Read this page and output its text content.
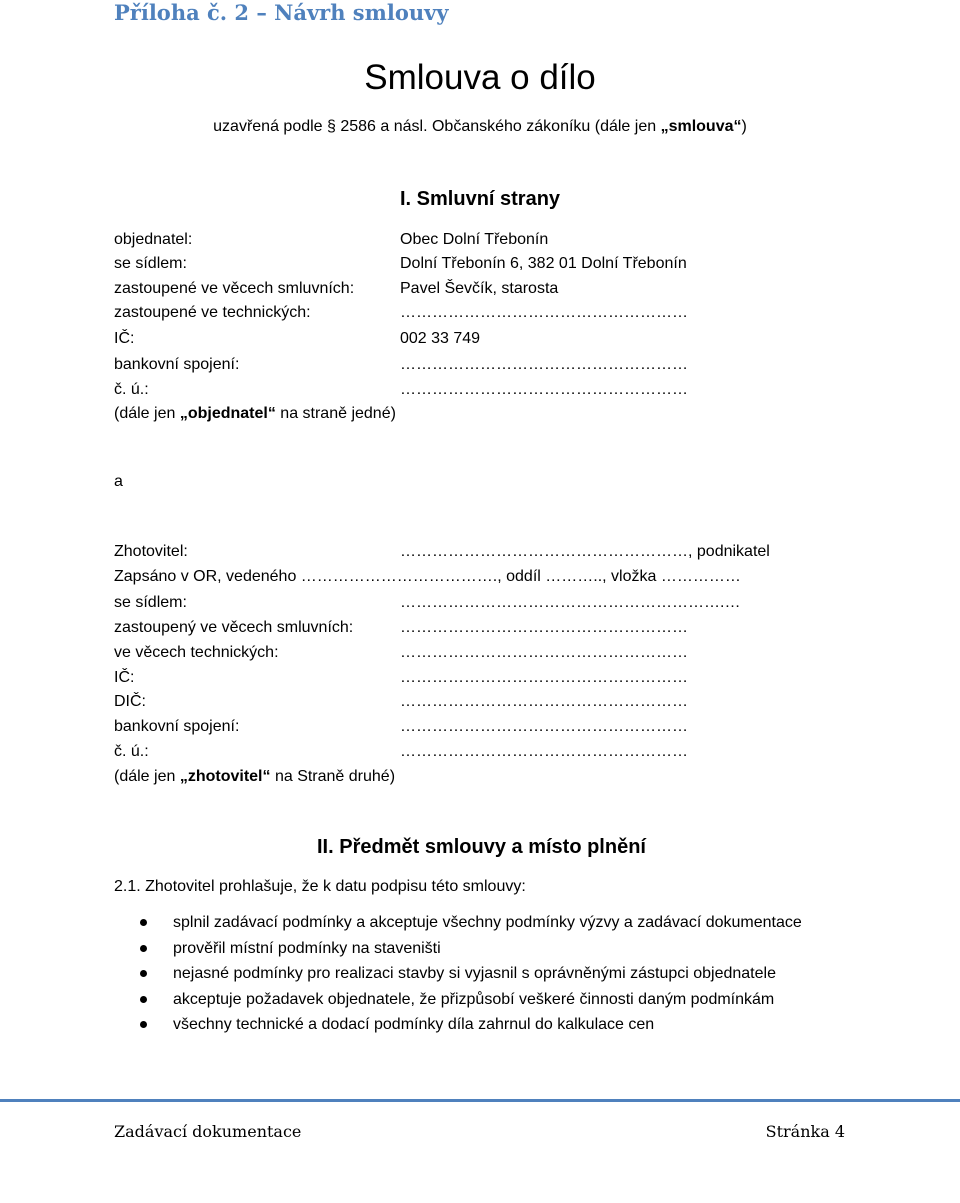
Příloha č. 2 – Návrh smlouvy
Smlouva o dílo
uzavřená podle § 2586 a násl. Občanského zákoníku (dále jen „smlouva“)
I. Smluvní strany
objednatel:	Obec Dolní Třebonín
se sídlem:	Dolní Třebonín 6, 382 01 Dolní Třebonín
zastoupené ve věcech smluvních:	Pavel Ševčík, starosta
zastoupené ve technických:	………………………………………………
IČ:	002 33 749
bankovní spojení:	………………………………………………
č. ú.:	………………………………………………
(dále jen „objednatel“ na straně jedné)
a
Zhotovitel:	………………………………………………, podnikatel
Zapsáno v OR, vedeného ………………………………., oddíl ……….., vložka ……………
se sídlem:	…………………………………………………….…
zastoupený ve věcech smluvních:	………………………………………………
ve věcech technických:	………………………………………………
IČ:	………………………………………………
DIČ:	………………………………………………
bankovní spojení:	………………………………………………
č. ú.:	………………………………………………
(dále jen „zhotovitel“ na Straně druhé)
II. Předmět smlouvy a místo plnění
2.1. Zhotovitel prohlašuje, že k datu podpisu této smlouvy:
splnil zadávací podmínky a akceptuje všechny podmínky výzvy a zadávací dokumentace
prověřil místní podmínky na staveništi
nejasné podmínky pro realizaci stavby si vyjasnil s oprávněnými zástupci objednatele
akceptuje požadavek objednatele, že přizpůsobí veškeré činnosti daným podmínkám
všechny technické a dodací podmínky díla zahrnul do kalkulace cen
Zadávací dokumentace	Stránka 4
